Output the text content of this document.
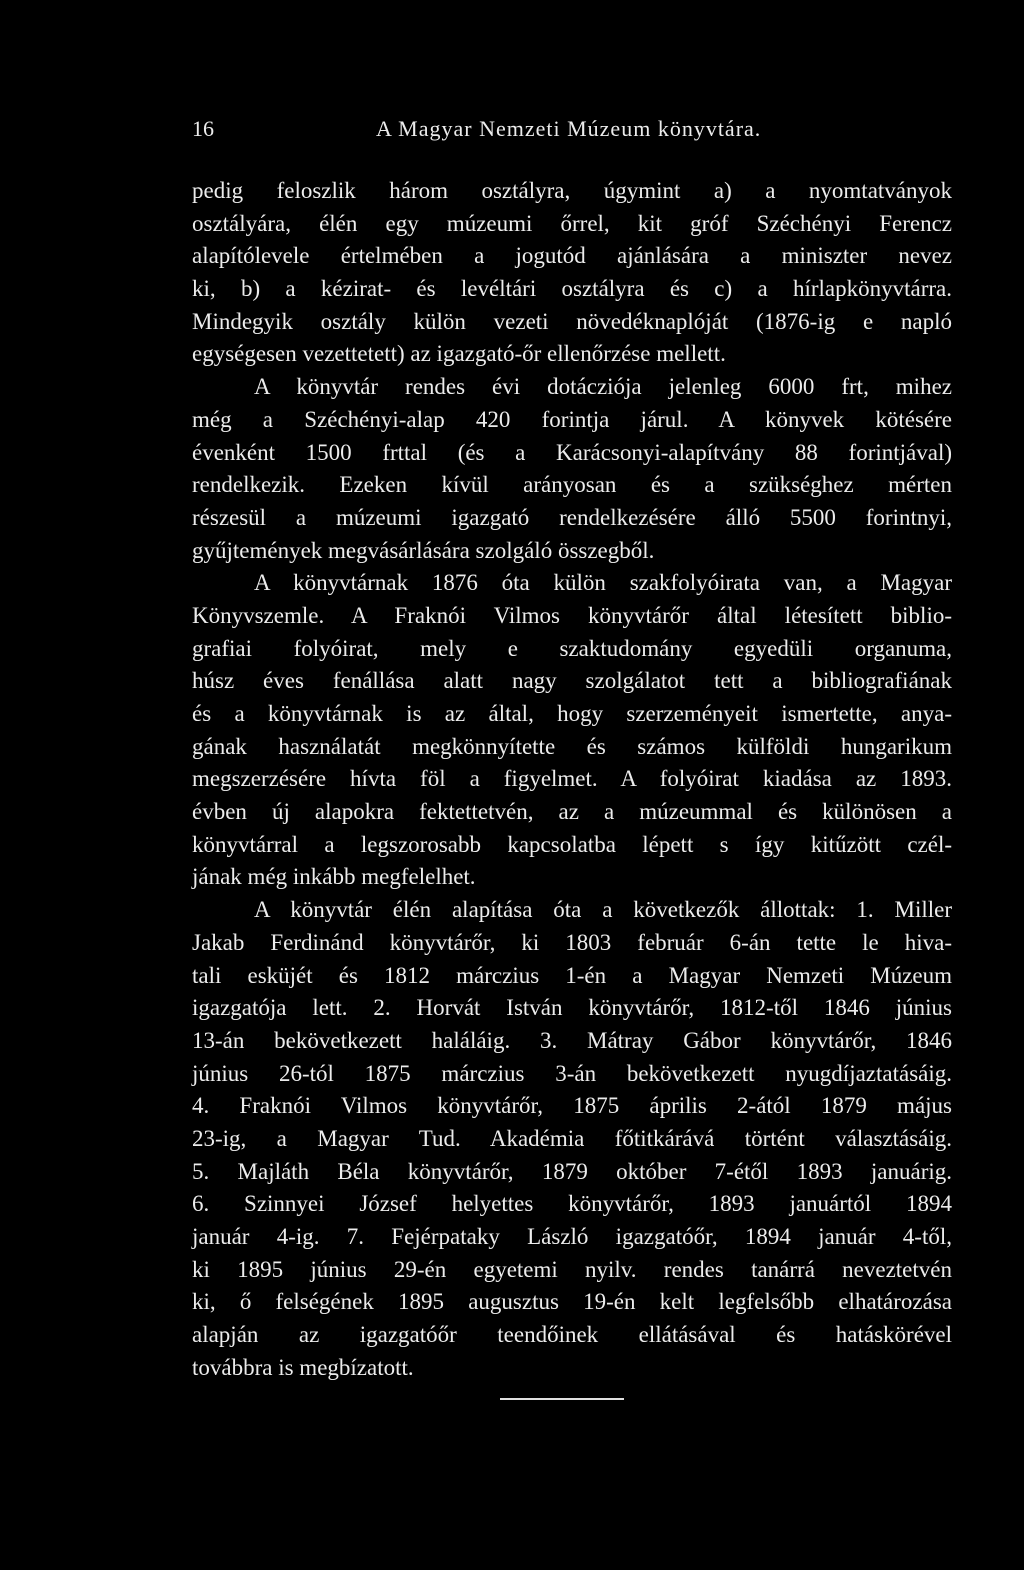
16	A Magyar Nemzeti Múzeum könyvtára.
pedig feloszlik három osztályra, úgymint a) a nyomtatványok
osztályára, élén egy múzeumi őrrel, kit gróf Széchényi Ferencz
alapítólevele értelmében a jogutód ajánlására a miniszter nevez
ki, b) a kézirat- és levéltári osztályra és c) a hírlapkönyvtárra.
Mindegyik osztály külön vezeti növedéknaplóját (1876-ig e napló
egységesen vezettetett) az igazgató-őr ellenőrzése mellett.
A könyvtár rendes évi dotácziója jelenleg 6000 frt, mihez
még a Széchényi-alap 420 forintja járul. A könyvek kötésére
évenként 1500 frttal (és a Karácsonyi-alapítvány 88 forintjával)
rendelkezik. Ezeken kívül arányosan és a szükséghez mérten
részesül a múzeumi igazgató rendelkezésére álló 5500 forintnyi,
gyűjtemények megvásárlására szolgáló összegből.
A könyvtárnak 1876 óta külön szakfolyóirata van, a Magyar
Könyvszemle. A Fraknói Vilmos könyvtárőr által létesített biblio-
grafiai folyóirat, mely e szaktudomány egyedüli organuma,
húsz éves fenállása alatt nagy szolgálatot tett a bibliografiának
és a könyvtárnak is az által, hogy szerzeményeit ismertette, anya-
gának használatát megkönnyítette és számos külföldi hungarikum
megszerzésére hívta föl a figyelmet. A folyóirat kiadása az 1893.
évben új alapokra fektettetvén, az a múzeummal és különösen a
könyvtárral a legszorosabb kapcsolatba lépett s így kitűzött czél-
jának még inkább megfelelhet.
A könyvtár élén alapítása óta a következők állottak: 1. Miller
Jakab Ferdinánd könyvtárőr, ki 1803 február 6-án tette le hiva-
tali esküjét és 1812 márczius 1-én a Magyar Nemzeti Múzeum
igazgatója lett. 2. Horvát István könyvtárőr, 1812-től 1846 június
13-án bekövetkezett haláláig. 3. Mátray Gábor könyvtárőr, 1846
június 26-tól 1875 márczius 3-án bekövetkezett nyugdíjaztatásáig.
4. Fraknói Vilmos könyvtárőr, 1875 április 2-ától 1879 május
23-ig, a Magyar Tud. Akadémia főtitkárává történt választásáig.
5. Majláth Béla könyvtárőr, 1879 október 7-étől 1893 januárig.
6. Szinnyei József helyettes könyvtárőr, 1893 januártól 1894
január 4-ig. 7. Fejérpataky László igazgatóőr, 1894 január 4-től,
ki 1895 június 29-én egyetemi nyilv. rendes tanárrá neveztetvén
ki, ő felségének 1895 augusztus 19-én kelt legfelsőbb elhatározása
alapján az igazgatóőr teendőinek ellátásával és hatáskörével
továbbra is megbízatott.
